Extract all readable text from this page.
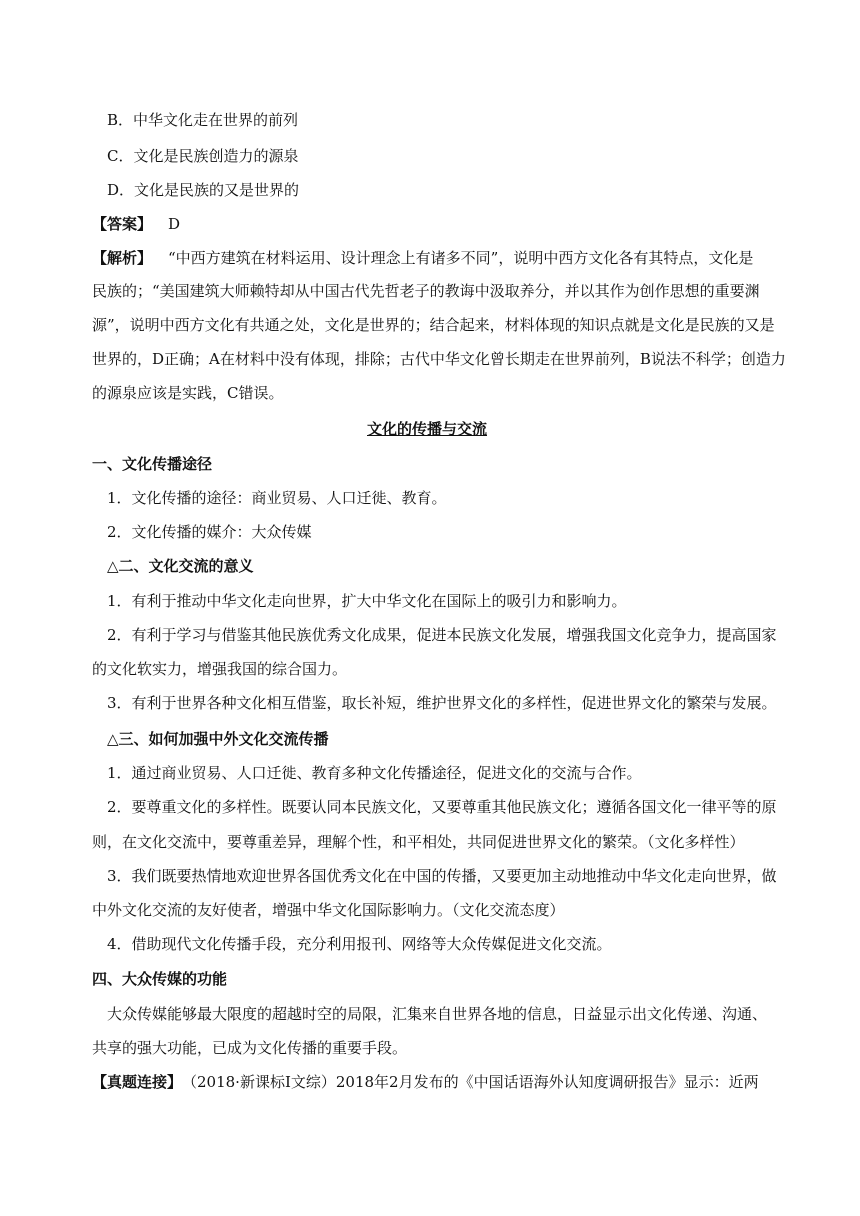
B．中华文化走在世界的前列
C．文化是民族创造力的源泉
D．文化是民族的又是世界的
【答案】 D
【解析】 “中西方建筑在材料运用、设计理念上有诸多不同”，说明中西方文化各有其特点，文化是
民族的；“美国建筑大师赖特却从中国古代先哲老子的教诲中汲取养分，并以其作为创作思想的重要渊
源”，说明中西方文化有共通之处，文化是世界的；结合起来，材料体现的知识点就是文化是民族的又是
世界的，D正确；A在材料中没有体现，排除；古代中华文化曾长期走在世界前列，B说法不科学；创造力
的源泉应该是实践，C错误。
文化的传播与交流
一、文化传播途径
1．文化传播的途径：商业贸易、人口迁徙、教育。
2．文化传播的媒介：大众传媒
△二、文化交流的意义
1．有利于推动中华文化走向世界，扩大中华文化在国际上的吸引力和影响力。
2．有利于学习与借鉴其他民族优秀文化成果，促进本民族文化发展，增强我国文化竞争力，提高国家
的文化软实力，增强我国的综合国力。
3．有利于世界各种文化相互借鉴，取长补短，维护世界文化的多样性，促进世界文化的繁荣与发展。
△三、如何加强中外文化交流传播
1．通过商业贸易、人口迁徙、教育多种文化传播途径，促进文化的交流与合作。
2．要尊重文化的多样性。既要认同本民族文化，又要尊重其他民族文化；遵循各国文化一律平等的原
则，在文化交流中，要尊重差异，理解个性，和平相处，共同促进世界文化的繁荣。（文化多样性）
3．我们既要热情地欢迎世界各国优秀文化在中国的传播，又要更加主动地推动中华文化走向世界，做
中外文化交流的友好使者，增强中华文化国际影响力。（文化交流态度）
4．借助现代文化传播手段，充分利用报刊、网络等大众传媒促进文化交流。
四、大众传媒的功能
大众传媒能够最大限度的超越时空的局限，汇集来自世界各地的信息，日益显示出文化传递、沟通、
共享的强大功能，已成为文化传播的重要手段。
【真题连接】 （2018·新课标Ⅰ文综）2018年2月发布的《中国话语海外认知度调研报告》显示：近两
